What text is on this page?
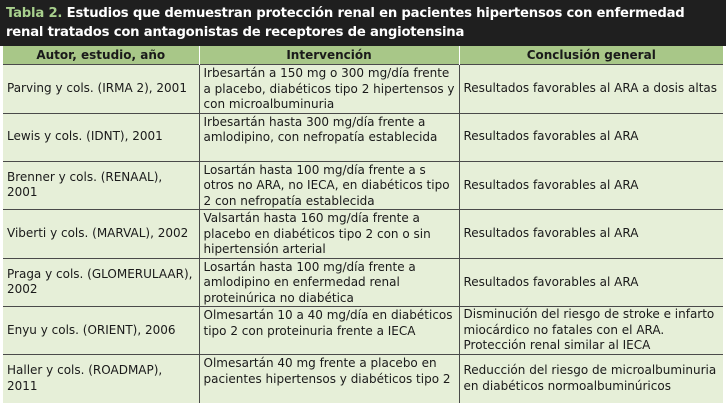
Tabla 2. Estudios que demuestran protección renal en pacientes hipertensos con enfermedad renal tratados con antagonistas de receptores de angiotensina
Autor, estudio, año	Intervención	Conclusión general
Parving y cols. (IRMA 2), 2001	Irbesartán a 150 mg o 300 mg/día frente a placebo, diabéticos tipo 2 hipertensos y con microalbuminuria	Resultados favorables al ARA a dosis altas
Lewis y cols. (IDNT), 2001	Irbesartán hasta 300 mg/día frente a amlodipino, con nefropatía establecida	Resultados favorables al ARA
Brenner y cols. (RENAAL), 2001	Losartán hasta 100 mg/día frente a s otros no ARA, no IECA, en diabéticos tipo 2 con nefropatía establecida	Resultados favorables al ARA
Viberti y cols. (MARVAL), 2002	Valsartán hasta 160 mg/día frente a placebo en diabéticos tipo 2 con o sin hipertensión arterial	Resultados favorables al ARA
Praga y cols. (GLOMERULAAR), 2002	Losartán hasta 100 mg/día frente a amlodipino en enfermedad renal proteinúrica no diabética	Resultados favorables al ARA
Enyu y cols. (ORIENT), 2006	Olmesartán 10 a 40 mg/día en diabéticos tipo 2 con proteinuria frente a IECA	Disminución del riesgo de stroke e infarto miocárdico no fatales con el ARA. Protección renal similar al IECA
Haller y cols. (ROADMAP), 2011	Olmesartán 40 mg frente a placebo en pacientes hipertensos y diabéticos tipo 2	Reducción del riesgo de microalbuminuria en diabéticos normoalbuminúricos
